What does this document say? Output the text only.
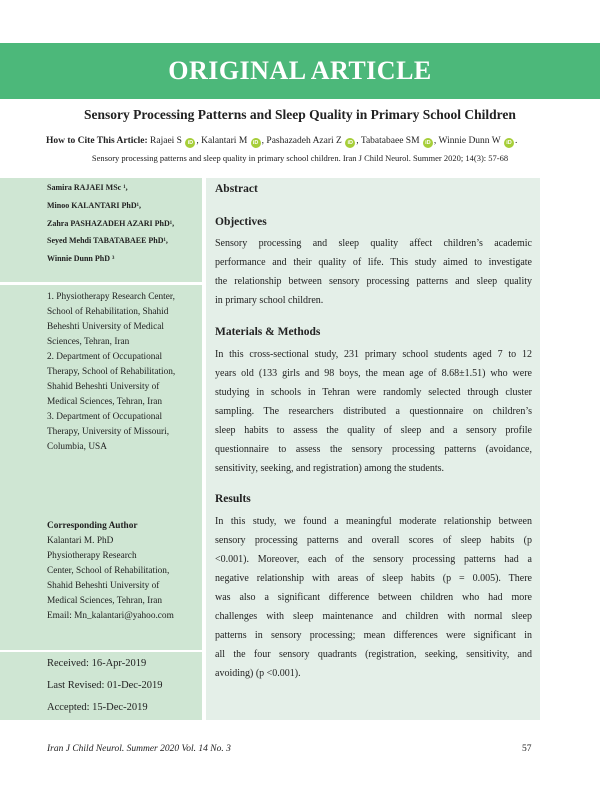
ORIGINAL ARTICLE
Sensory Processing Patterns and Sleep Quality in Primary School Children
How to Cite This Article: Rajaei S iD , Kalantari M iD , Pashazadeh Azari Z iD , Tabatabaee SM iD , Winnie Dunn W iD .
Sensory processing patterns and sleep quality in primary school children. Iran J Child Neurol. Summer 2020; 14(3): 57-68
Samira RAJAEI MSc ¹,
Minoo KALANTARI PhD¹,
Zahra PASHAZADEH AZARI PhD¹,
Seyed Mehdi TABATABAEE PhD¹,
Winnie Dunn PhD ³
1. Physiotherapy Research Center,
School of Rehabilitation, Shahid
Beheshti University of Medical
Sciences, Tehran, Iran
2. Department of Occupational
Therapy, School of Rehabilitation,
Shahid Beheshti University of
Medical Sciences, Tehran, Iran
3. Department of Occupational
Therapy, University of Missouri,
Columbia, USA
Corresponding Author
Kalantari M. PhD
Physiotherapy Research
Center, School of Rehabilitation,
Shahid Beheshti University of
Medical Sciences, Tehran, Iran
Email: Mn_kalantari@yahoo.com
Received: 16-Apr-2019
Last Revised: 01-Dec-2019
Accepted: 15-Dec-2019
Abstract
Objectives
Sensory processing and sleep quality affect children’s academic
performance and their quality of life. This study aimed to investigate
the relationship between sensory processing patterns and sleep quality
in primary school children.
Materials & Methods
In this cross-sectional study, 231 primary school students aged 7 to 12
years old (133 girls and 98 boys, the mean age of 8.68±1.51) who were
studying in schools in Tehran were randomly selected through cluster
sampling. The researchers distributed a questionnaire on children’s
sleep habits to assess the quality of sleep and a sensory profile
questionnaire to assess the sensory processing patterns (avoidance,
sensitivity, seeking, and registration) among the students.
Results
In this study, we found a meaningful moderate relationship between
sensory processing patterns and overall scores of sleep habits (p
<0.001). Moreover, each of the sensory processing patterns had a
negative relationship with areas of sleep habits (p = 0.005). There
was also a significant difference between children who had more
challenges with sleep maintenance and children with normal sleep
patterns in sensory processing; mean differences were significant in
all the four sensory quadrants (registration, seeking, sensitivity, and
avoiding) (p <0.001).
Iran J Child Neurol. Summer 2020 Vol. 14 No. 3	57
